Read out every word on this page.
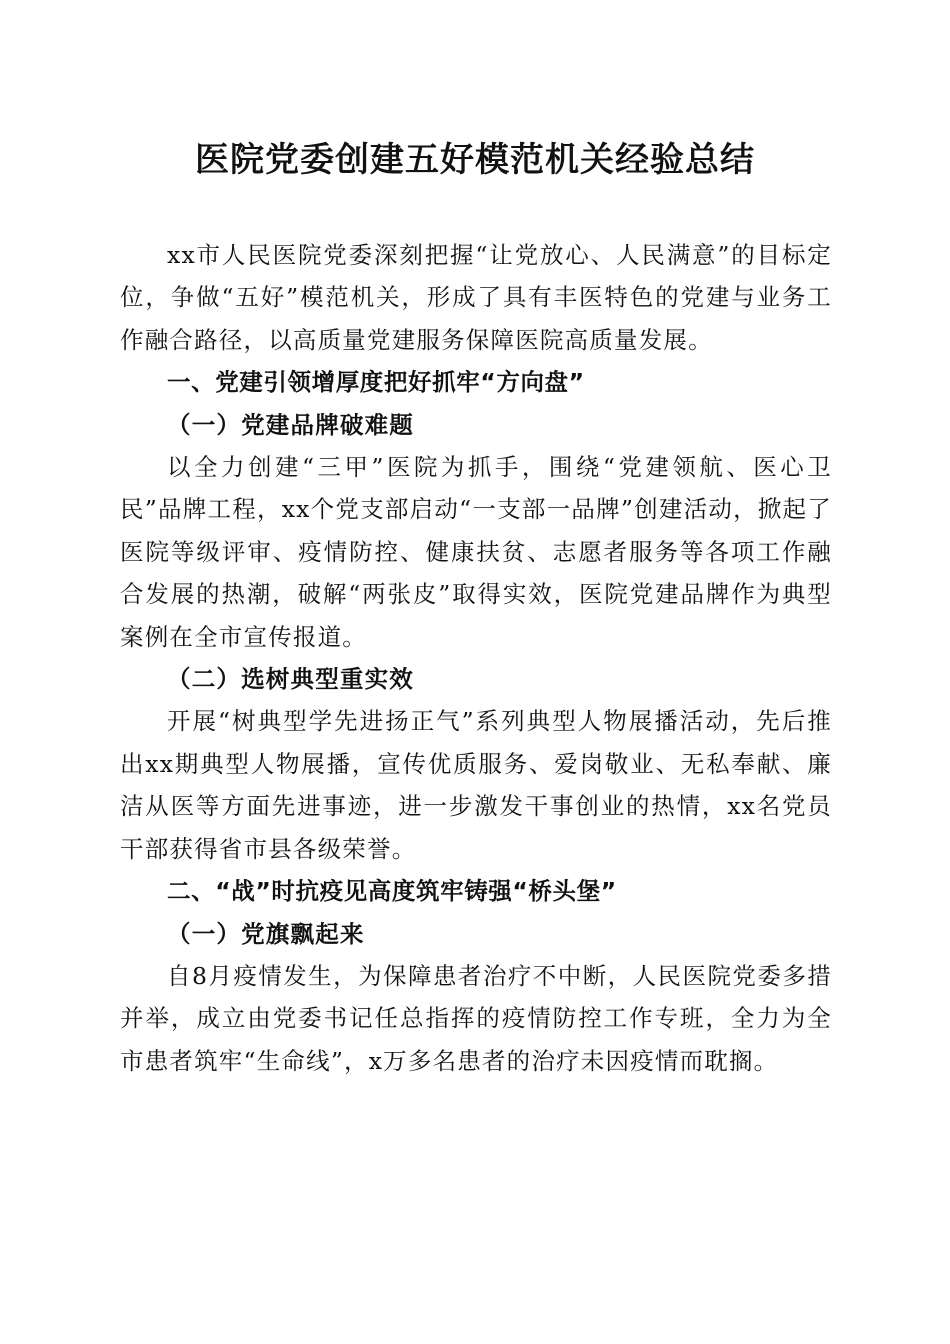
医院党委创建五好模范机关经验总结

xx市人民医院党委深刻把握“让党放心、人民满意”的目标定位，争做“五好”模范机关，形成了具有丰医特色的党建与业务工作融合路径，以高质量党建服务保障医院高质量发展。

一、党建引领增厚度把好抓牢“方向盘”

（一）党建品牌破难题

以全力创建“三甲”医院为抓手，围绕“党建领航、医心卫民”品牌工程，xx个党支部启动“一支部一品牌”创建活动，掀起了医院等级评审、疫情防控、健康扶贫、志愿者服务等各项工作融合发展的热潮，破解“两张皮”取得实效，医院党建品牌作为典型案例在全市宣传报道。

（二）选树典型重实效

开展“树典型学先进扬正气”系列典型人物展播活动，先后推出xx期典型人物展播，宣传优质服务、爱岗敬业、无私奉献、廉洁从医等方面先进事迹，进一步激发干事创业的热情，xx名党员干部获得省市县各级荣誉。

二、“战”时抗疫见高度筑牢铸强“桥头堡”

（一）党旗飘起来

自8月疫情发生，为保障患者治疗不中断，人民医院党委多措并举，成立由党委书记任总指挥的疫情防控工作专班，全力为全市患者筑牢“生命线”，x万多名患者的治疗未因疫情而耽搁。
